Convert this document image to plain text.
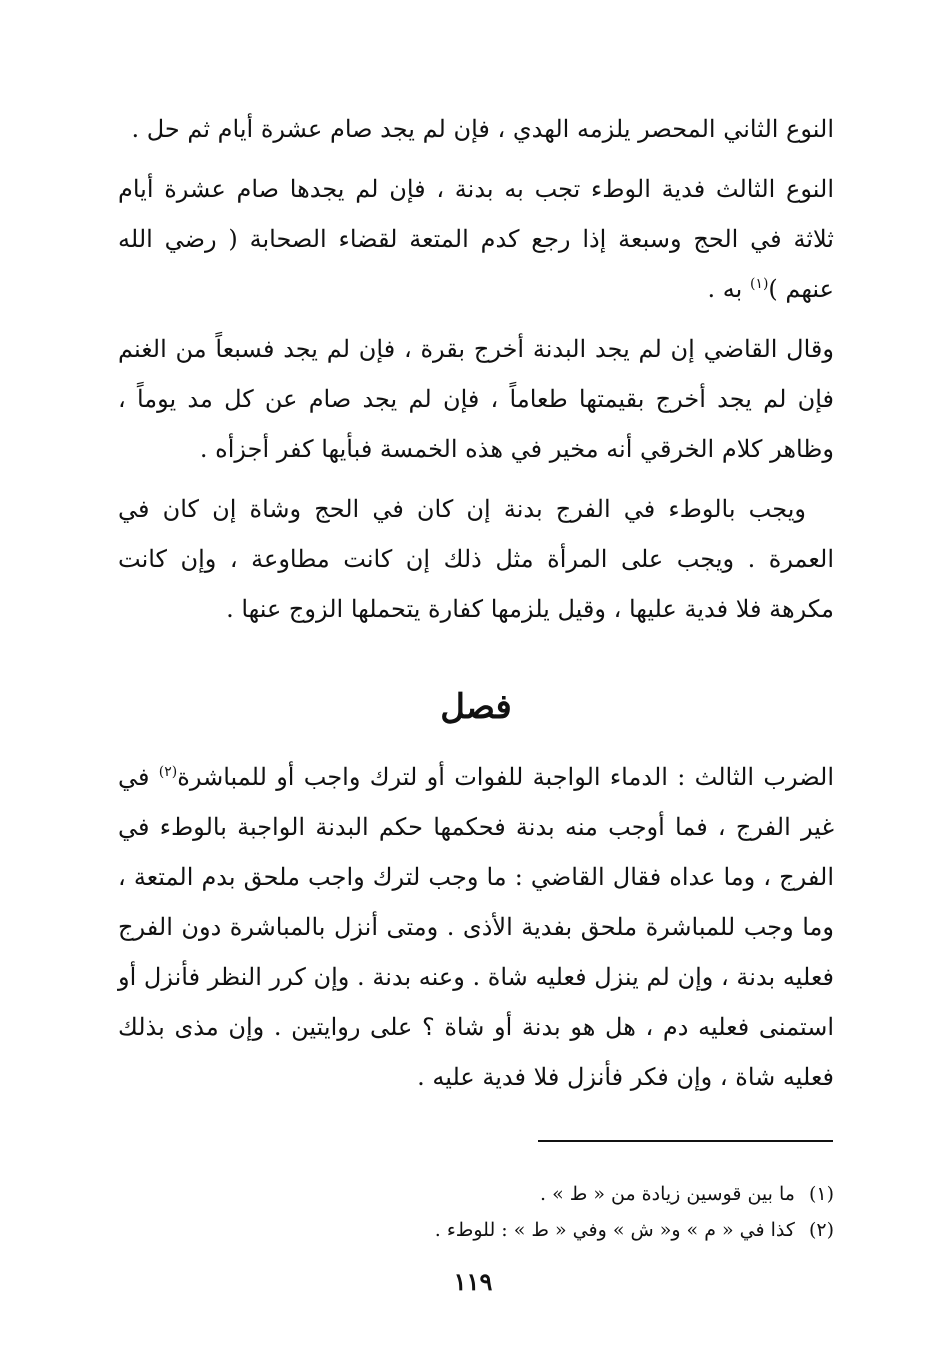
النوع الثاني المحصر يلزمه الهدي ، فإن لم يجد صام عشرة أيام ثم حل .

النوع الثالث فدية الوطء تجب به بدنة ، فإن لم يجدها صام عشرة أيام ثلاثة في الحج وسبعة إذا رجع كدم المتعة لقضاء الصحابة ( رضي الله عنهم )$^{(١)}$ به .

وقال القاضي إن لم يجد البدنة أخرج بقرة ، فإن لم يجد فسبعاً من الغنم فإن لم يجد أخرج بقيمتها طعاماً ، فإن لم يجد صام عن كل مد يوماً ، وظاهر كلام الخرقي أنه مخير في هذه الخمسة فبأيها كفر أجزأه .

ويجب بالوطء في الفرج بدنة إن كان في الحج وشاة إن كان في العمرة . ويجب على المرأة مثل ذلك إن كانت مطاوعة ، وإن كانت مكرهة فلا فدية عليها ، وقيل يلزمها كفارة يتحملها الزوج عنها .

فصل

الضرب الثالث : الدماء الواجبة للفوات أو لترك واجب أو للمباشرة$^{(٢)}$ في غير الفرج ، فما أوجب منه بدنة فحكمها حكم البدنة الواجبة بالوطء في الفرج ، وما عداه فقال القاضي : ما وجب لترك واجب ملحق بدم المتعة ، وما وجب للمباشرة ملحق بفدية الأذى . ومتى أنزل بالمباشرة دون الفرج فعليه بدنة ، وإن لم ينزل فعليه شاة . وعنه بدنة . وإن كرر النظر فأنزل أو استمنى فعليه دم ، هل هو بدنة أو شاة ؟ على روايتين . وإن مذى بذلك فعليه شاة ، وإن فكر فأنزل فلا فدية عليه .

(١)ما بين قوسين زيادة من « ط » .

(٢)كذا في « م » و« ش » وفي « ط » : للوطء .

١١٩
